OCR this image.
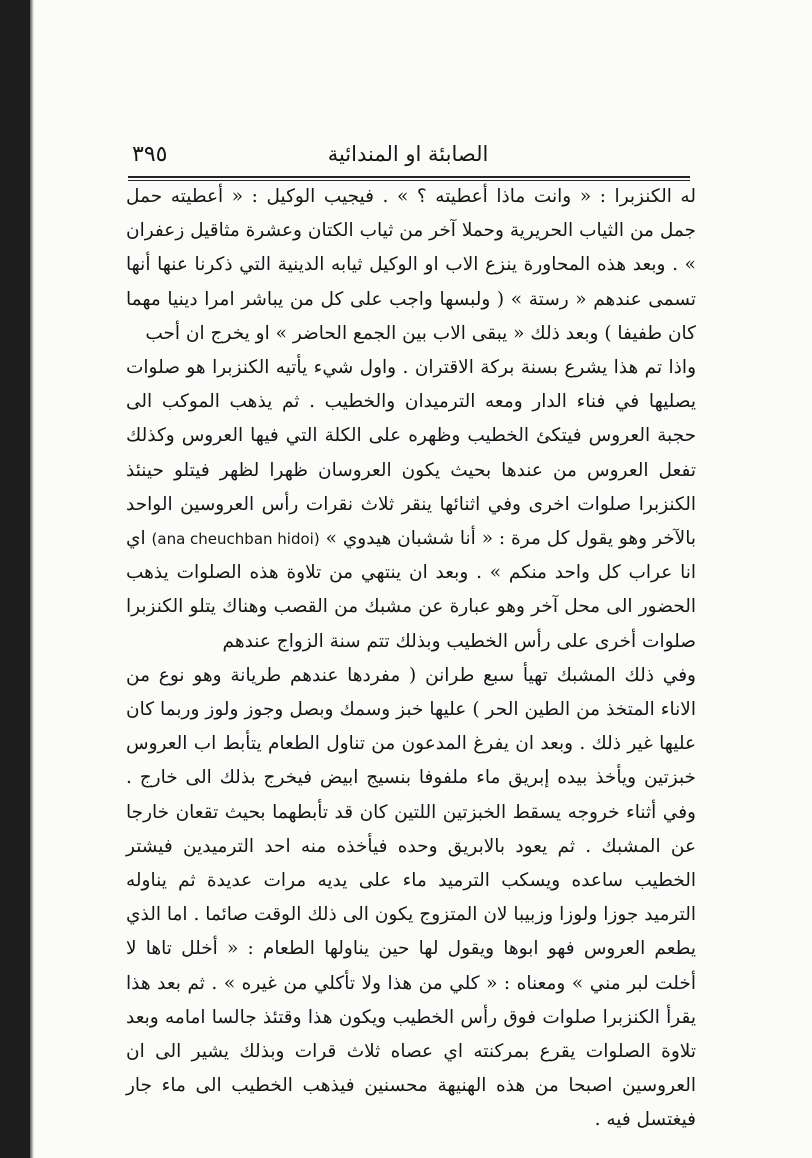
٣٩٥	الصابئة او المندائية

له الكنزبرا : « وانت ماذا أعطيته ؟ » . فيجيب الوكيل : « أعطيته حمل جمل من الثياب الحريرية وحملا آخر من ثياب الكتان وعشرة مثاقيل زعفران » . وبعد هذه المحاورة ينزع الاب او الوكيل ثيابه الدينية التي ذكرنا عنها أنها تسمى عندهم « رستة » ( ولبسها واجب على كل من يباشر امرا دينيا مهما كان طفيفا ) وبعد ذلك « يبقى الاب بين الجمع الحاضر » او يخرج ان أحب

واذا تم هذا يشرع بسنة بركة الاقتران . واول شيء يأتيه الكنزبرا هو صلوات يصليها في فناء الدار ومعه الترميدان والخطيب . ثم يذهب الموكب الى حجبة العروس فيتكئ الخطيب وظهره على الكلة التي فيها العروس وكذلك تفعل العروس من عندها بحيث يكون العروسان ظهرا لظهر فيتلو حينئذ الكنزبرا صلوات اخرى وفي اثنائها ينقر ثلاث نقرات رأس العروسين الواحد بالآخر وهو يقول كل مرة : « أنا ششبان هيدوي » (ana cheuchban hidoi) اي انا عراب كل واحد منكم » . وبعد ان ينتهي من تلاوة هذه الصلوات يذهب الحضور الى محل آخر وهو عبارة عن مشبك من القصب وهناك يتلو الكنزبرا صلوات أخرى على رأس الخطيب وبذلك تتم سنة الزواج عندهم

وفي ذلك المشبك تهيأ سبع طرانن ( مفردها عندهم طريانة وهو نوع من الاناء المتخذ من الطين الحر ) عليها خبز وسمك وبصل وجوز ولوز وربما كان عليها غير ذلك . وبعد ان يفرغ المدعون من تناول الطعام يتأبط اب العروس خبزتين ويأخذ بيده إبريق ماء ملفوفا بنسيج ابيض فيخرج بذلك الى خارج . وفي أثناء خروجه يسقط الخبزتين اللتين كان قد تأبطهما بحيث تقعان خارجا عن المشبك . ثم يعود بالابريق وحده فيأخذه منه احد الترميدين فيشتر الخطيب ساعده ويسكب الترميد ماء على يديه مرات عديدة ثم يناوله الترميد جوزا ولوزا وزبيبا لان المتزوج يكون الى ذلك الوقت صائما . اما الذي يطعم العروس فهو ابوها ويقول لها حين يناولها الطعام : « أخلل تاها لا أخلت لبر مني » ومعناه : « كلي من هذا ولا تأكلي من غيره » . ثم بعد هذا يقرأ الكنزبرا صلوات فوق رأس الخطيب ويكون هذا وقتئذ جالسا امامه وبعد تلاوة الصلوات يقرع بمركنته اي عصاه ثلاث قرات وبذلك يشير الى ان العروسين اصبحا من هذه الهنيهة محسنين فيذهب الخطيب الى ماء جار فيغتسل فيه .
